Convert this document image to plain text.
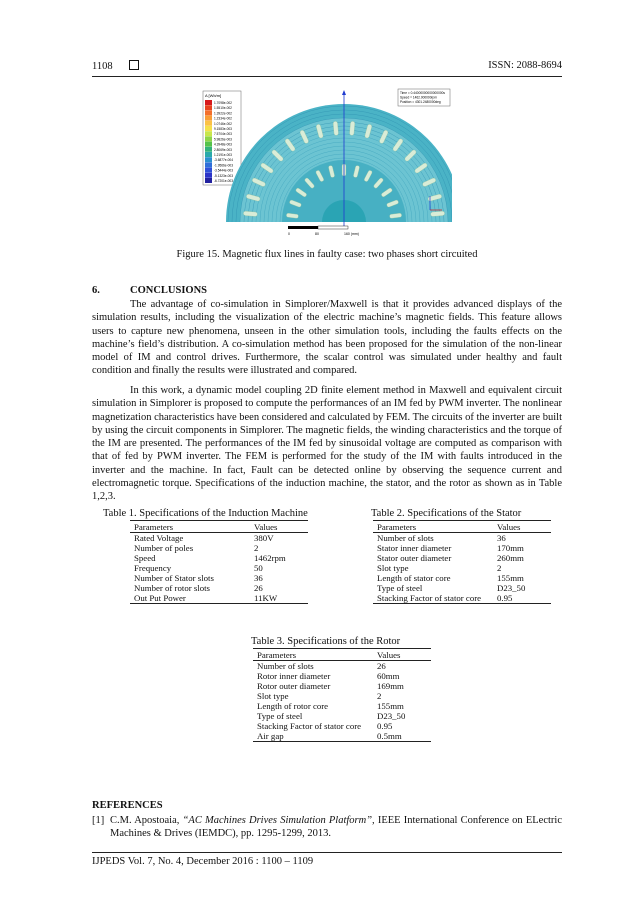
1108	ISSN: 2088-8694
A [Wb/m]
1.7098e-002
1.5510e-002
1.3922e-002
1.2334e-002
1.0746e-002
9.1583e-003
7.5704e-003
5.9826e-003
4.3948e-003
2.8069e-003
1.2191e-003
-3.6877e-004
-1.9566e-003
-3.5444e-003
-5.1323e-003
-6.7201e-003
Time = 0.44000000000000000s
Speed = 1462.000000rpm
Position = 4301.2480000deg
0	80	160 (mm)
Figure 15. Magnetic flux lines in faulty case: two phases short circuited
6.	CONCLUSIONS

The advantage of co-simulation in Simplorer/Maxwell is that it provides advanced displays of the simulation results, including the visualization of the electric machine’s magnetic fields. This feature allows users to capture new phenomena, unseen in the other simulation tools, including the faults effects on the machine’s field’s distribution. A co-simulation method has been proposed for the simulation of the non-linear model of IM and control drives. Furthermore, the scalar control was simulated under healthy and fault condition and finally the results were illustrated and compared.

In this work, a dynamic model coupling 2D finite element method in Maxwell and equivalent circuit simulation in Simplorer is proposed to compute the performances of an IM fed by PWM inverter. The nonlinear magnetization characteristics have been considered and calculated by FEM. The circuits of the inverter are built by using the circuit components in Simplorer. The magnetic fields, the winding characteristics and the torque of the IM are presented. The performances of the IM fed by sinusoidal voltage are computed as comparison with that of fed by PWM inverter. The FEM is performed for the study of the IM with faults introduced in the inverter and the machine. In fact, Fault can be detected online by observing the sequence current and electromagnetic torque. Specifications of the induction machine, the stator, and the rotor as shown as in Table 1,2,3.

Table 1. Specifications of the Induction Machine
Parameters	Values
Rated Voltage	380V
Number of poles	2
Speed	1462rpm
Frequency	50
Number of Stator slots	36
Number of rotor slots	26
Out Put Power	11KW
Table 2. Specifications of the Stator
Parameters	Values
Number of slots	36
Stator inner diameter	170mm
Stator outer diameter	260mm
Slot type	2
Length of stator core	155mm
Type of steel	D23_50
Stacking Factor of stator core	0.95
Table 3. Specifications of the Rotor
Parameters	Values
Number of slots	26
Rotor inner diameter	60mm
Rotor outer diameter	169mm
Slot type	2
Length of rotor core	155mm
Type of steel	D23_50
Stacking Factor of stator core	0.95
Air gap	0.5mm
REFERENCES
[1] C.M. Apostoaia, “AC Machines Drives Simulation Platform”, IEEE International Conference on ELectric Machines & Drives (IEMDC), pp. 1295-1299, 2013.
IJPEDS Vol. 7, No. 4, December 2016 : 1100 – 1109
